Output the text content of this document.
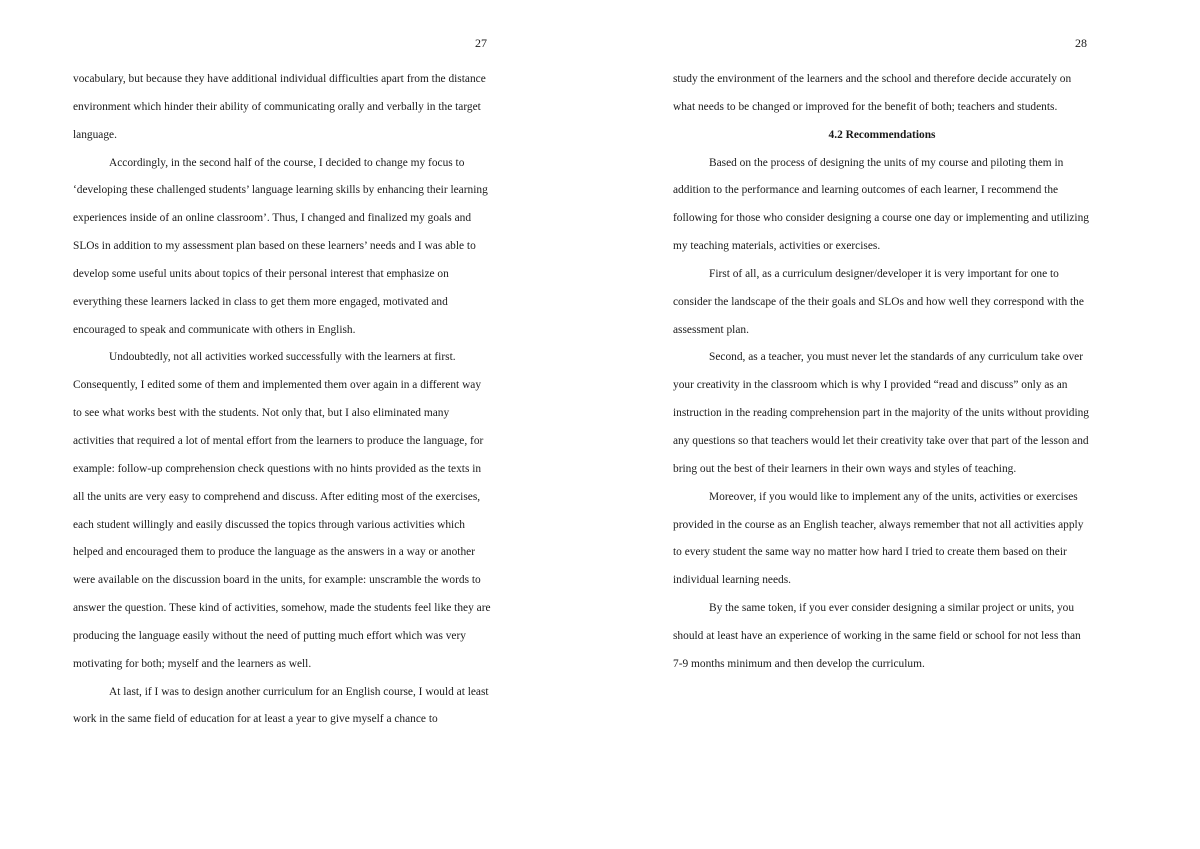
27

vocabulary, but because they have additional individual difficulties apart from the distance environment which hinder their ability of communicating orally and verbally in the target language.

Accordingly, in the second half of the course, I decided to change my focus to ‘developing these challenged students’ language learning skills by enhancing their learning experiences inside of an online classroom’. Thus, I changed and finalized my goals and SLOs in addition to my assessment plan based on these learners’ needs and I was able to develop some useful units about topics of their personal interest that emphasize on everything these learners lacked in class to get them more engaged, motivated and encouraged to speak and communicate with others in English.

Undoubtedly, not all activities worked successfully with the learners at first. Consequently, I edited some of them and implemented them over again in a different way to see what works best with the students. Not only that, but I also eliminated many activities that required a lot of mental effort from the learners to produce the language, for example: follow-up comprehension check questions with no hints provided as the texts in all the units are very easy to comprehend and discuss. After editing most of the exercises, each student willingly and easily discussed the topics through various activities which helped and encouraged them to produce the language as the answers in a way or another were available on the discussion board in the units, for example: unscramble the words to answer the question. These kind of activities, somehow, made the students feel like they are producing the language easily without the need of putting much effort which was very motivating for both; myself and the learners as well.

At last, if I was to design another curriculum for an English course, I would at least work in the same field of education for at least a year to give myself a chance to

28

study the environment of the learners and the school and therefore decide accurately on what needs to be changed or improved for the benefit of both; teachers and students.

4.2 Recommendations

Based on the process of designing the units of my course and piloting them in addition to the performance and learning outcomes of each learner, I recommend the following for those who consider designing a course one day or implementing and utilizing my teaching materials, activities or exercises.

First of all, as a curriculum designer/developer it is very important for one to consider the landscape of the their goals and SLOs and how well they correspond with the assessment plan.

Second, as a teacher, you must never let the standards of any curriculum take over your creativity in the classroom which is why I provided “read and discuss” only as an instruction in the reading comprehension part in the majority of the units without providing any questions so that teachers would let their creativity take over that part of the lesson and bring out the best of their learners in their own ways and styles of teaching.

Moreover, if you would like to implement any of the units, activities or exercises provided in the course as an English teacher, always remember that not all activities apply to every student the same way no matter how hard I tried to create them based on their individual learning needs.

By the same token, if you ever consider designing a similar project or units, you should at least have an experience of working in the same field or school for not less than 7-9 months minimum and then develop the curriculum.
